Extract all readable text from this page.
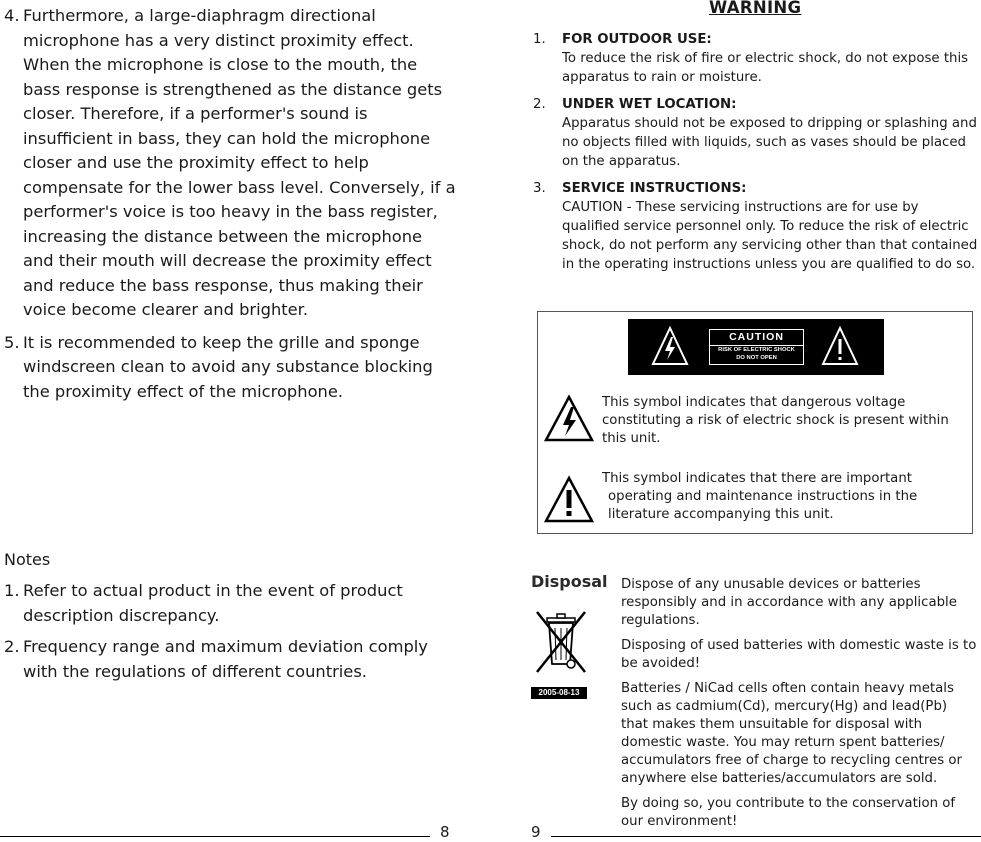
4. Furthermore, a large-diaphragm directional microphone has a very distinct proximity effect. When the microphone is close to the mouth, the bass response is strengthened as the distance gets closer. Therefore, if a performer's sound is insufficient in bass, they can hold the microphone closer and use the proximity effect to help compensate for the lower bass level. Conversely, if a performer's voice is too heavy in the bass register, increasing the distance between the microphone and their mouth will decrease the proximity effect and reduce the bass response, thus making their voice become clearer and brighter.
5. It is recommended to keep the grille and sponge windscreen clean to avoid any substance blocking the proximity effect of the microphone.
Notes
1. Refer to actual product in the event of product description discrepancy.
2. Frequency range and maximum deviation comply with the regulations of different countries.
8
WARNING
1. FOR OUTDOOR USE:
To reduce the risk of fire or electric shock, do not expose this apparatus to rain or moisture.
2. UNDER WET LOCATION:
Apparatus should not be exposed to dripping or splashing and no objects filled with liquids, such as vases should be placed on the apparatus.
3. SERVICE INSTRUCTIONS:
CAUTION - These servicing instructions are for use by qualified service personnel only. To reduce the risk of electric shock, do not perform any servicing other than that contained in the operating instructions unless you are qualified to do so.
CAUTION
RISK OF ELECTRIC SHOCK
DO NOT OPEN
This symbol indicates that dangerous voltage constituting a risk of electric shock is present within this unit.
This symbol indicates that there are important
operating and maintenance instructions in the literature accompanying this unit.
Disposal
2005-08-13

Dispose of any unusable devices or batteries responsibly and in accordance with any applicable regulations.

Disposing of used batteries with domestic waste is to be avoided!

Batteries / NiCad cells often contain heavy metals such as cadmium(Cd), mercury(Hg) and lead(Pb) that makes them unsuitable for disposal with domestic waste. You may return spent batteries/ accumulators free of charge to recycling centres or anywhere else batteries/accumulators are sold.

By doing so, you contribute to the conservation of our environment!

9
